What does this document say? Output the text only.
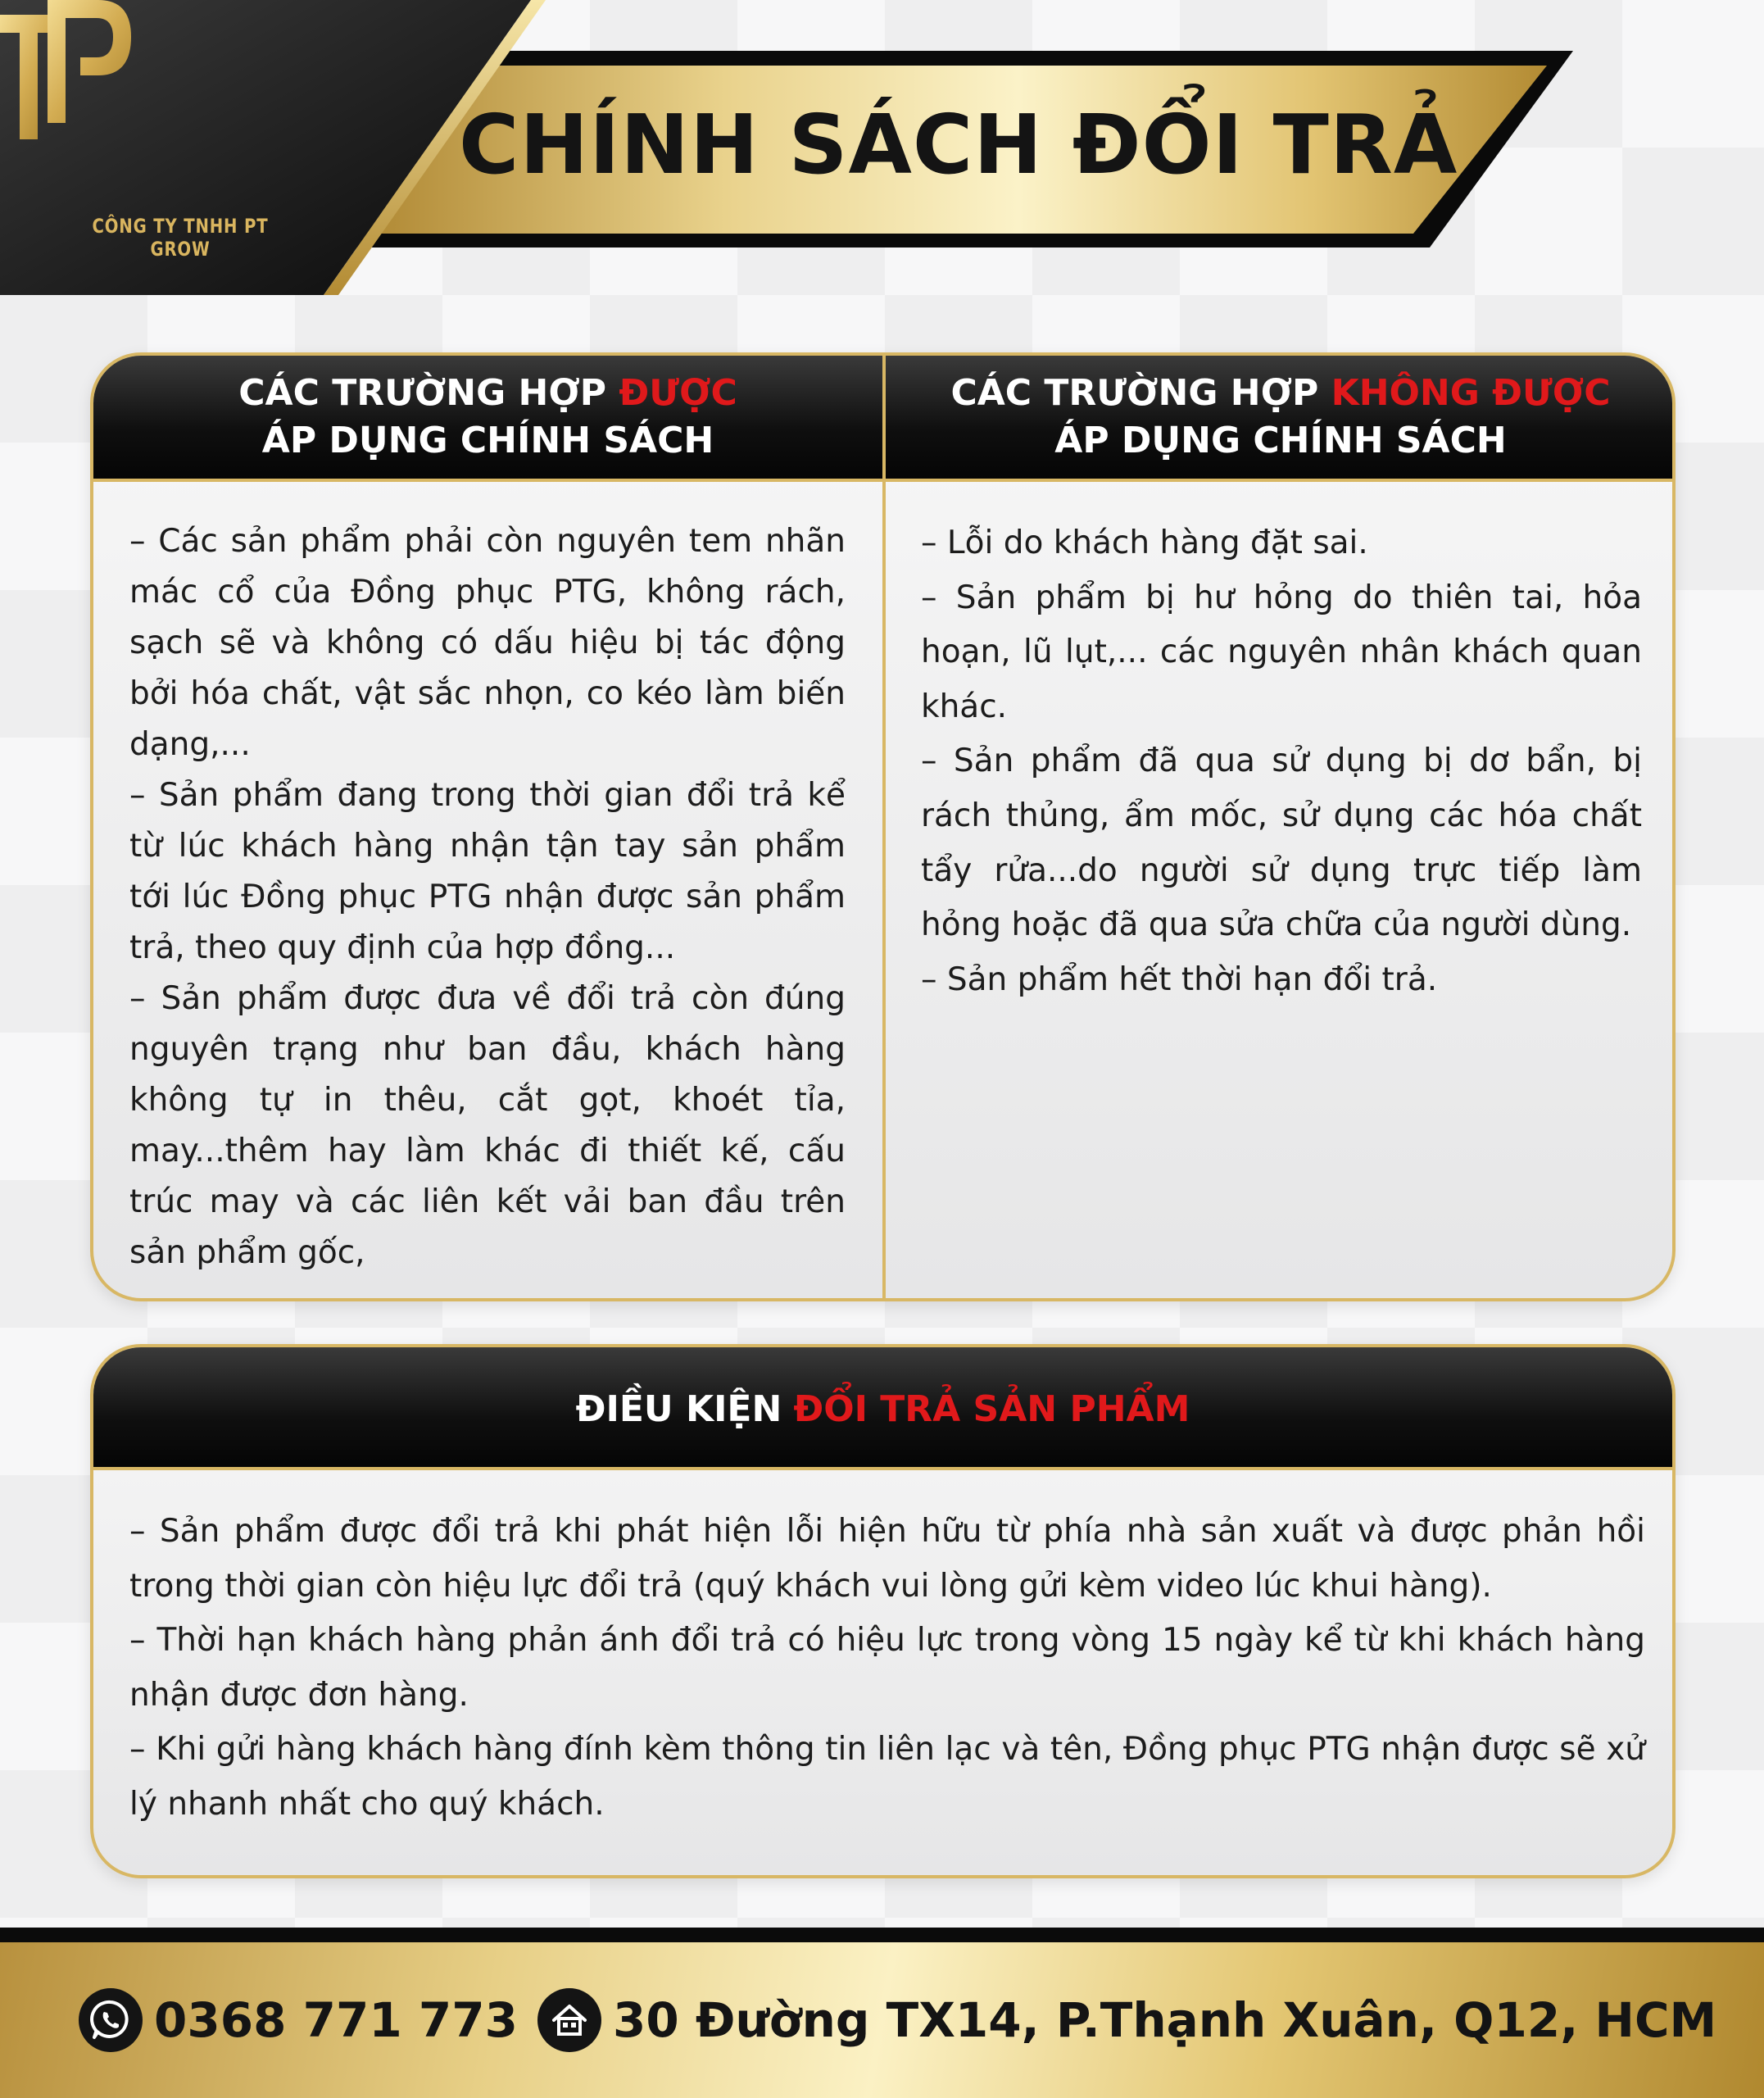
CÔNG TY TNHH PT GROW
CHÍNH SÁCH ĐỔI TRẢ
CÁC TRƯỜNG HỢP ĐƯỢC
ÁP DỤNG CHÍNH SÁCH
CÁC TRƯỜNG HỢP KHÔNG ĐƯỢC
ÁP DỤNG CHÍNH SÁCH

– Các sản phẩm phải còn nguyên tem nhãn mác cổ của Đồng phục PTG, không rách, sạch sẽ và không có dấu hiệu bị tác động bởi hóa chất, vật sắc nhọn, co kéo làm biến dạng,...

– Sản phẩm đang trong thời gian đổi trả kể từ lúc khách hàng nhận tận tay sản phẩm tới lúc Đồng phục PTG nhận được sản phẩm trả, theo quy định của hợp đồng...

– Sản phẩm được đưa về đổi trả còn đúng nguyên trạng như ban đầu, khách hàng không tự in thêu, cắt gọt, khoét tỉa, may...thêm hay làm khác đi thiết kế, cấu trúc may và các liên kết vải ban đầu trên sản phẩm gốc,

– Lỗi do khách hàng đặt sai.

– Sản phẩm bị hư hỏng do thiên tai, hỏa hoạn, lũ lụt,... các nguyên nhân khách quan khác.

– Sản phẩm đã qua sử dụng bị dơ bẩn, bị rách thủng, ẩm mốc, sử dụng các hóa chất tẩy rửa...do người sử dụng trực tiếp làm hỏng hoặc đã qua sửa chữa của người dùng.

– Sản phẩm hết thời hạn đổi trả.

ĐIỀU KIỆN ĐỔI TRẢ SẢN PHẨM

– Sản phẩm được đổi trả khi phát hiện lỗi hiện hữu từ phía nhà sản xuất và được phản hồi trong thời gian còn hiệu lực đổi trả (quý khách vui lòng gửi kèm video lúc khui hàng).

– Thời hạn khách hàng phản ánh đổi trả có hiệu lực trong vòng 15 ngày kể từ khi khách hàng nhận được đơn hàng.

– Khi gửi hàng khách hàng đính kèm thông tin liên lạc và tên, Đồng phục PTG nhận được sẽ xử lý nhanh nhất cho quý khách.

0368 771 773 30 Đường TX14, P.Thạnh Xuân, Q12, HCM
